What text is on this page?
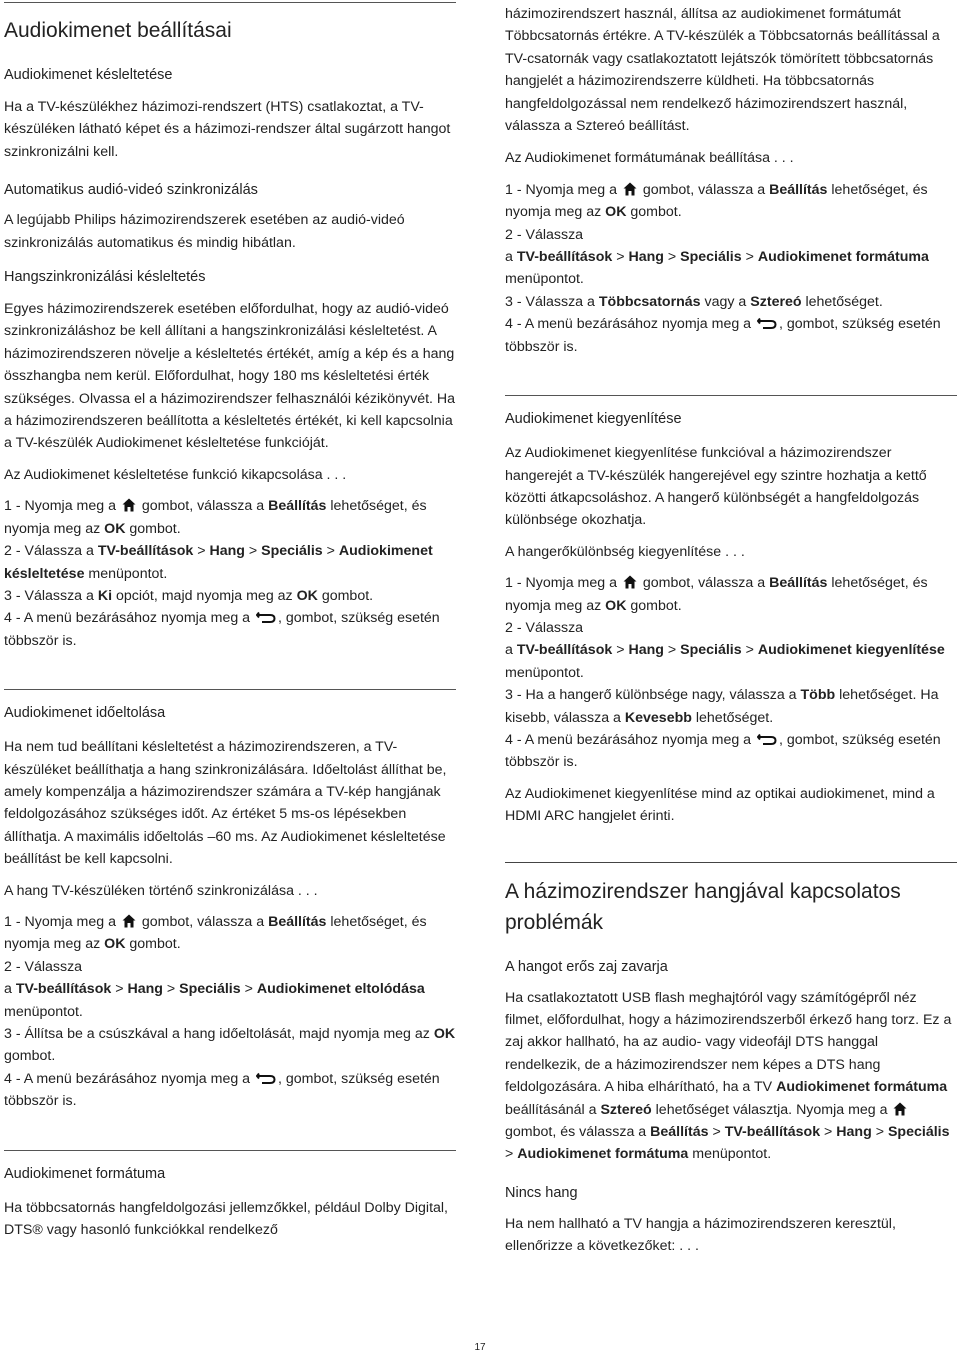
Audiokimenet beállításai
Audiokimenet késleltetése

Ha a TV-készülékhez házimozi-rendszert (HTS) csatlakoztat, a TV-készüléken látható képet és a házimozi-rendszer által sugárzott hangot szinkronizálni kell.

Automatikus audió-videó szinkronizálás

A legújabb Philips házimozirendszerek esetében az audió-videó szinkronizálás automatikus és mindig hibátlan.

Hangszinkronizálási késleltetés

Egyes házimozirendszerek esetében előfordulhat, hogy az audió-videó szinkronizáláshoz be kell állítani a hangszinkronizálási késleltetést. A házimozirendszeren növelje a késleltetés értékét, amíg a kép és a hang összhangba nem kerül. Előfordulhat, hogy 180 ms késleltetési érték szükséges. Olvassa el a házimozirendszer felhasználói kézikönyvét. Ha a házimozirendszeren beállította a késleltetés értékét, ki kell kapcsolnia a TV-készülék Audiokimenet késleltetése funkcióját.

Az Audiokimenet késleltetése funkció kikapcsolása . . .

1 - Nyomja meg a gombot, válassza a Beállítás lehetőséget, és nyomja meg az OK gombot.

2 - Válassza a TV-beállítások > Hang > Speciális > Audiokimenet késleltetése menüpontot.

3 - Válassza a Ki opciót, majd nyomja meg az OK gombot.

4 - A menü bezárásához nyomja meg a , gombot, szükség esetén többször is.

Audiokimenet időeltolása

Ha nem tud beállítani késleltetést a házimozirendszeren, a TV-készüléket beállíthatja a hang szinkronizálására. Időeltolást állíthat be, amely kompenzálja a házimozirendszer számára a TV-kép hangjának feldolgozásához szükséges időt. Az értéket 5 ms-os lépésekben állíthatja. A maximális időeltolás –60 ms. Az Audiokimenet késleltetése beállítást be kell kapcsolni.

A hang TV-készüléken történő szinkronizálása . . .

1 - Nyomja meg a gombot, válassza a Beállítás lehetőséget, és nyomja meg az OK gombot.

2 - Válassza
a TV-beállítások > Hang > Speciális > Audiokimenet eltolódása menüpontot.

3 - Állítsa be a csúszkával a hang időeltolását, majd nyomja meg az OK gombot.

4 - A menü bezárásához nyomja meg a , gombot, szükség esetén többször is.

Audiokimenet formátuma

Ha többcsatornás hangfeldolgozási jellemzőkkel, például Dolby Digital, DTS® vagy hasonló funkciókkal rendelkező

házimozirendszert használ, állítsa az audiokimenet formátumát Többcsatornás értékre. A TV-készülék a Többcsatornás beállítással a TV-csatornák vagy csatlakoztatott lejátszók tömörített többcsatornás hangjelét a házimozirendszerre küldheti. Ha többcsatornás hangfeldolgozással nem rendelkező házimozirendszert használ, válassza a Sztereó beállítást.

Az Audiokimenet formátumának beállítása . . .

1 - Nyomja meg a gombot, válassza a Beállítás lehetőséget, és nyomja meg az OK gombot.

2 - Válassza
a TV-beállítások > Hang > Speciális > Audiokimenet formátuma menüpontot.

3 - Válassza a Többcsatornás vagy a Sztereó lehetőséget.

4 - A menü bezárásához nyomja meg a , gombot, szükség esetén többször is.

Audiokimenet kiegyenlítése

Az Audiokimenet kiegyenlítése funkcióval a házimozirendszer hangerejét a TV-készülék hangerejével egy szintre hozhatja a kettő közötti átkapcsoláshoz. A hangerő különbségét a hangfeldolgozás különbsége okozhatja.

A hangerőkülönbség kiegyenlítése . . .

1 - Nyomja meg a gombot, válassza a Beállítás lehetőséget, és nyomja meg az OK gombot.

2 - Válassza
a TV-beállítások > Hang > Speciális > Audiokimenet kiegyenlítése menüpontot.

3 - Ha a hangerő különbsége nagy, válassza a Több lehetőséget. Ha kisebb, válassza a Kevesebb lehetőséget.

4 - A menü bezárásához nyomja meg a , gombot, szükség esetén többször is.

Az Audiokimenet kiegyenlítése mind az optikai audiokimenet, mind a HDMI ARC hangjelet érinti.

A házimozirendszer hangjával kapcsolatos problémák
A hangot erős zaj zavarja

Ha csatlakoztatott USB flash meghajtóról vagy számítógépről néz filmet, előfordulhat, hogy a házimozirendszerből érkező hang torz. Ez a zaj akkor hallható, ha az audio- vagy videofájl DTS hanggal rendelkezik, de a házimozirendszer nem képes a DTS hang feldolgozására. A hiba elhárítható, ha a TV Audiokimenet formátuma beállításánál a Sztereó lehetőséget választja. Nyomja meg a  gombot, és válassza a Beállítás > TV-beállítások > Hang > Speciális > Audiokimenet formátuma menüpontot.

Nincs hang

Ha nem hallható a TV hangja a házimozirendszeren keresztül, ellenőrizze a következőket: . . .

17
